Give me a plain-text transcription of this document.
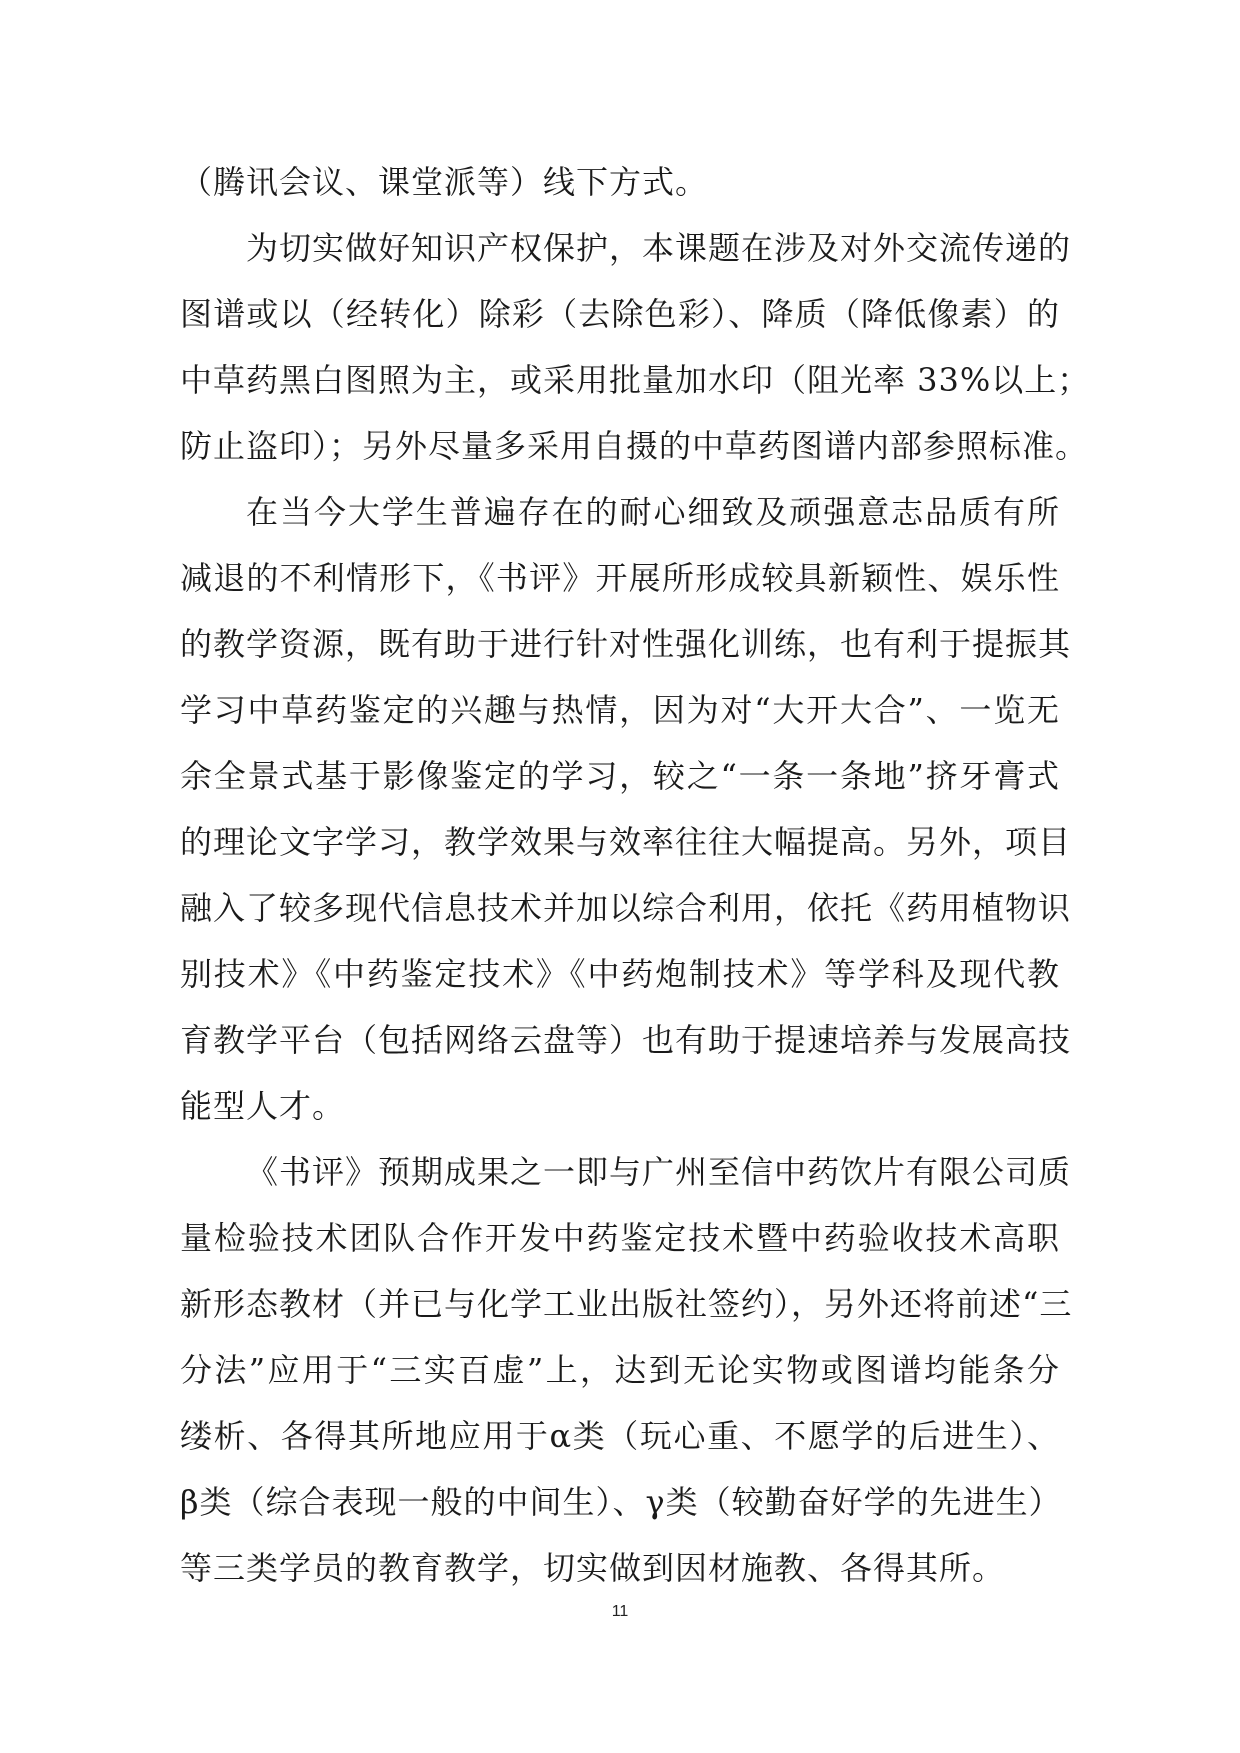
（腾讯会议、课堂派等）线下方式。
为切实做好知识产权保护，本课题在涉及对外交流传递的
图谱或以（经转化）除彩（去除色彩）、降质（降低像素）的
中草药黑白图照为主，或采用批量加水印（阻光率 33%以上；
防止盗印）；另外尽量多采用自摄的中草药图谱内部参照标准。
在当今大学生普遍存在的耐心细致及顽强意志品质有所
减退的不利情形下，《书评》开展所形成较具新颖性、娱乐性
的教学资源，既有助于进行针对性强化训练，也有利于提振其
学习中草药鉴定的兴趣与热情，因为对“大开大合”、一览无
余全景式基于影像鉴定的学习，较之“一条一条地”挤牙膏式
的理论文字学习，教学效果与效率往往大幅提高。另外，项目
融入了较多现代信息技术并加以综合利用，依托《药用植物识
别技术》《中药鉴定技术》《中药炮制技术》等学科及现代教
育教学平台（包括网络云盘等）也有助于提速培养与发展高技
能型人才。
《书评》预期成果之一即与广州至信中药饮片有限公司质
量检验技术团队合作开发中药鉴定技术暨中药验收技术高职
新形态教材（并已与化学工业出版社签约），另外还将前述“三
分法”应用于“三实百虚”上，达到无论实物或图谱均能条分
缕析、各得其所地应用于α类（玩心重、不愿学的后进生）、
β类（综合表现一般的中间生）、γ类（较勤奋好学的先进生）
等三类学员的教育教学，切实做到因材施教、各得其所。
11
